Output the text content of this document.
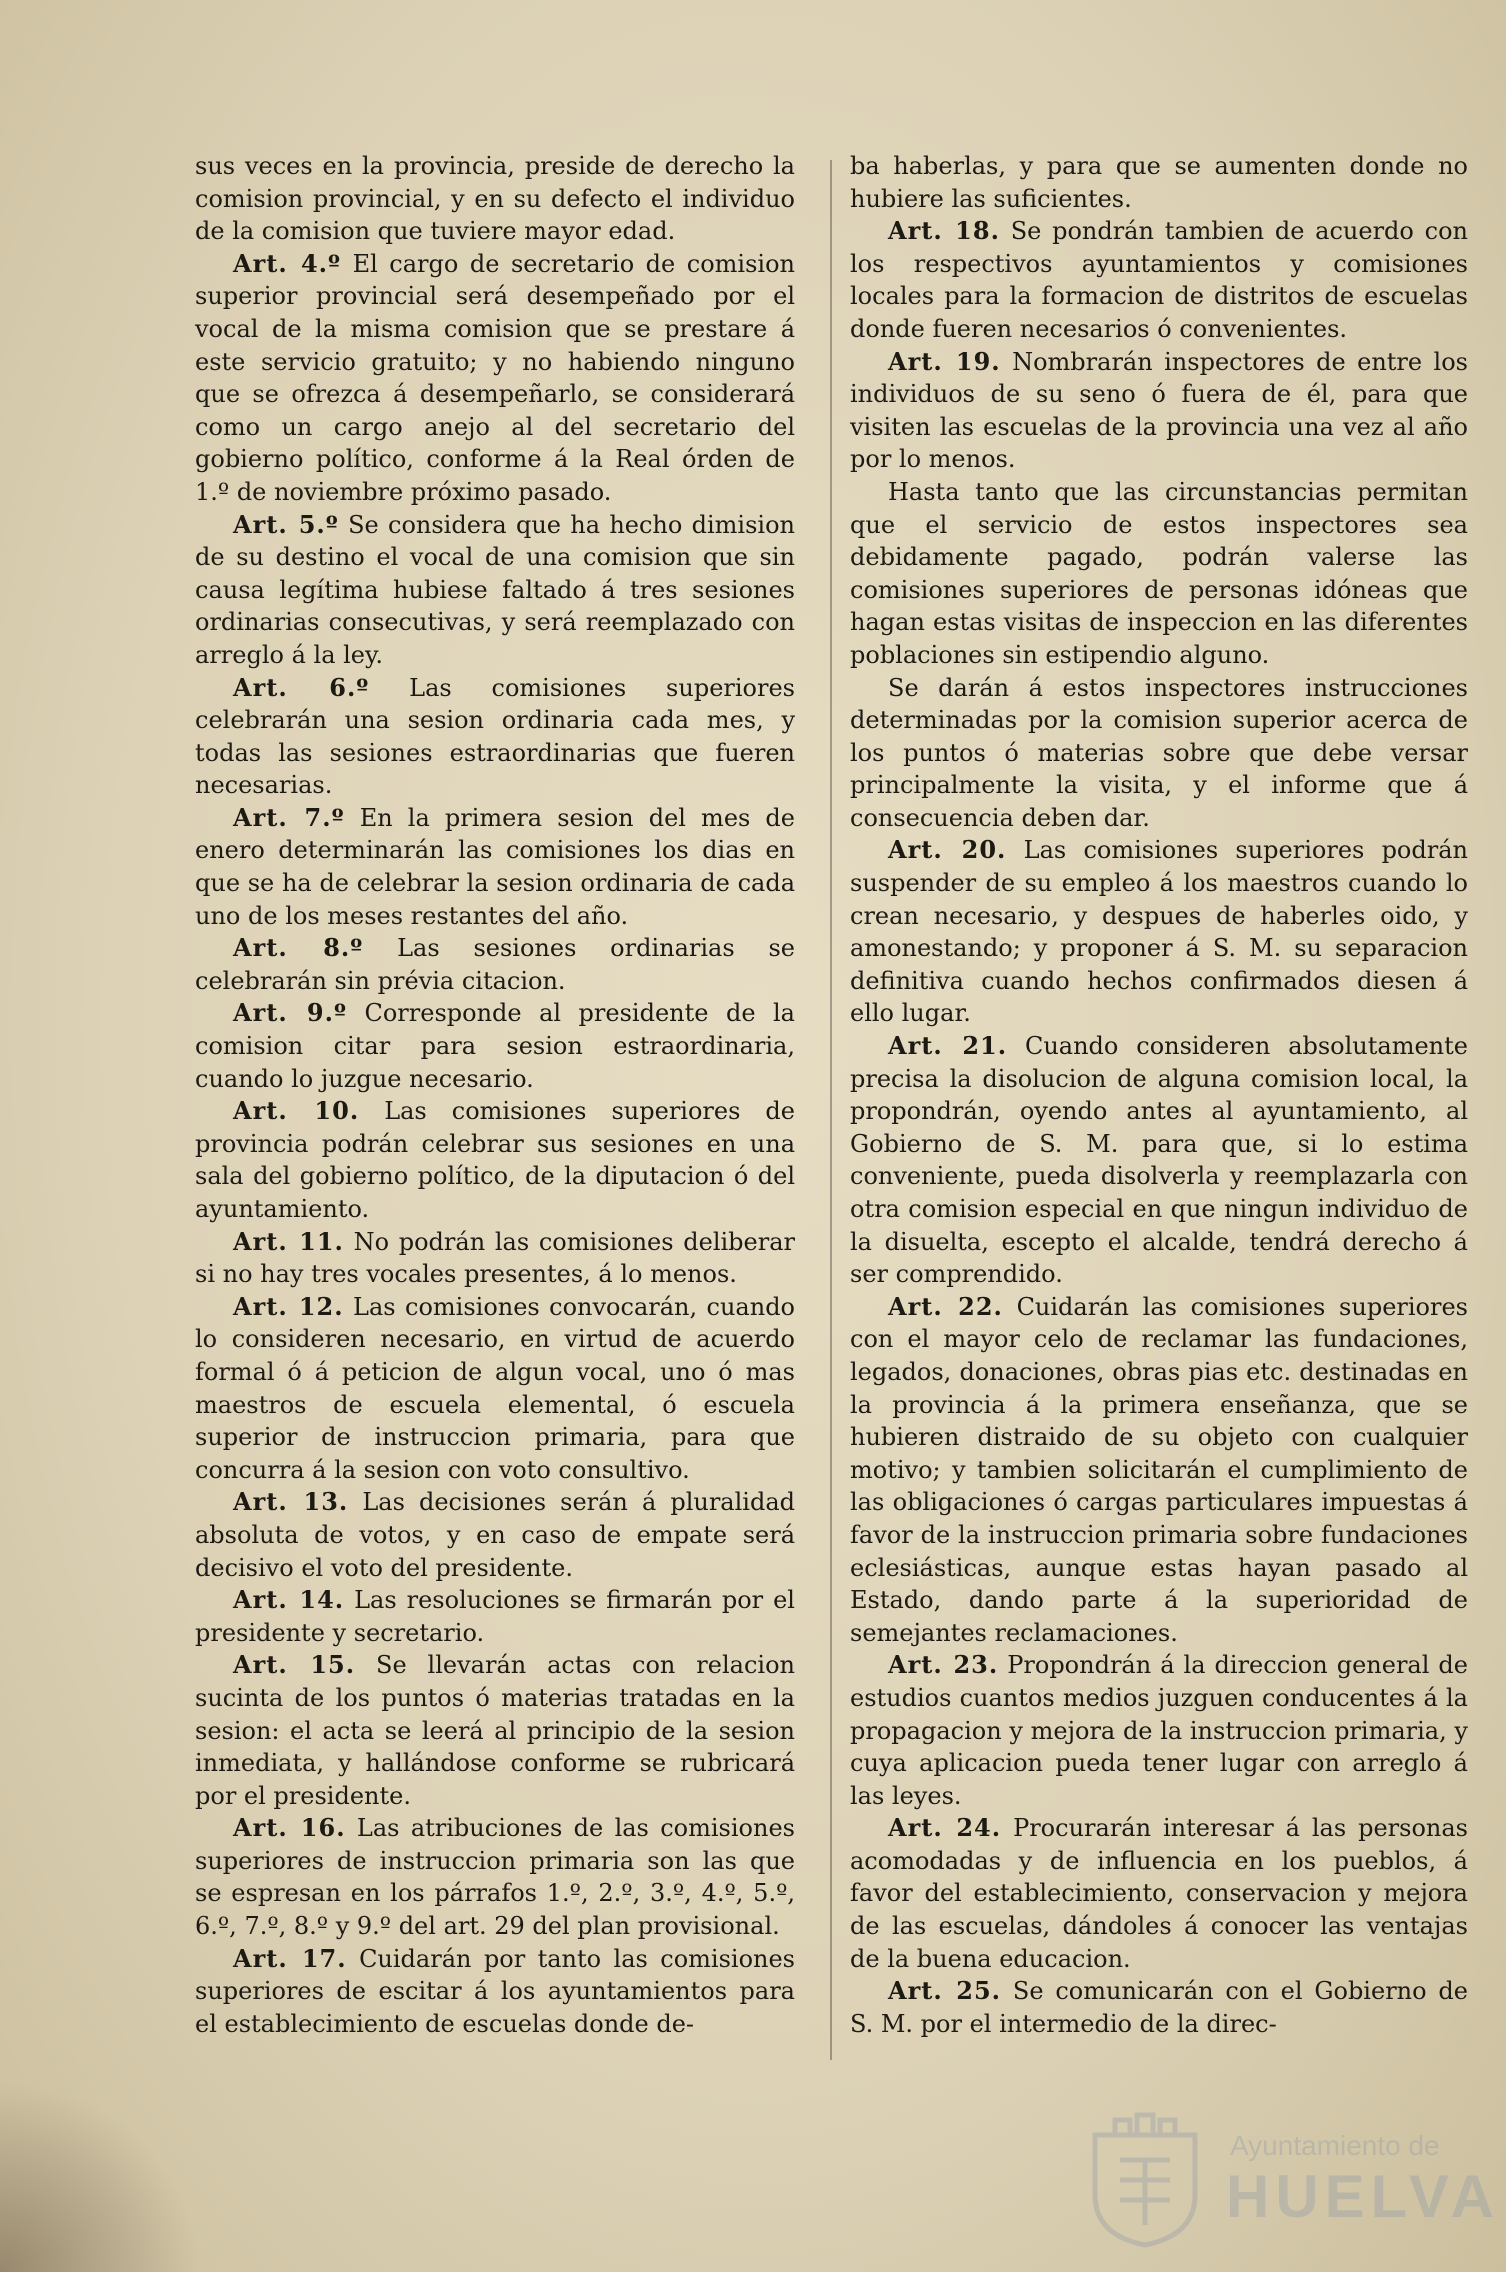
sus veces en la provincia, preside de derecho la comision provincial, y en su defecto el individuo de la comision que tuviere mayor edad.

Art. 4.º El cargo de secretario de comision superior provincial será desempeñado por el vocal de la misma comision que se prestare á este servicio gratuito; y no habiendo ninguno que se ofrezca á desempeñarlo, se considerará como un cargo anejo al del secretario del gobierno político, conforme á la Real órden de 1.º de noviembre próximo pasado.

Art. 5.º Se considera que ha hecho dimision de su destino el vocal de una comision que sin causa legítima hubiese faltado á tres sesiones ordinarias consecutivas, y será reemplazado con arreglo á la ley.

Art. 6.º Las comisiones superiores celebrarán una sesion ordinaria cada mes, y todas las sesiones estraordinarias que fueren necesarias.

Art. 7.º En la primera sesion del mes de enero determinarán las comisiones los dias en que se ha de celebrar la sesion ordinaria de cada uno de los meses restantes del año.

Art. 8.º Las sesiones ordinarias se celebrarán sin prévia citacion.

Art. 9.º Corresponde al presidente de la comision citar para sesion estraordinaria, cuando lo juzgue necesario.

Art. 10. Las comisiones superiores de provincia podrán celebrar sus sesiones en una sala del gobierno político, de la diputacion ó del ayuntamiento.

Art. 11. No podrán las comisiones deliberar si no hay tres vocales presentes, á lo menos.

Art. 12. Las comisiones convocarán, cuando lo consideren necesario, en virtud de acuerdo formal ó á peticion de algun vocal, uno ó mas maestros de escuela elemental, ó escuela superior de instruccion primaria, para que concurra á la sesion con voto consultivo.

Art. 13. Las decisiones serán á pluralidad absoluta de votos, y en caso de empate será decisivo el voto del presidente.

Art. 14. Las resoluciones se firmarán por el presidente y secretario.

Art. 15. Se llevarán actas con relacion sucinta de los puntos ó materias tratadas en la sesion: el acta se leerá al principio de la sesion inmediata, y hallándose conforme se rubricará por el presidente.

Art. 16. Las atribuciones de las comisiones superiores de instruccion primaria son las que se espresan en los párrafos 1.º, 2.º, 3.º, 4.º, 5.º, 6.º, 7.º, 8.º y 9.º del art. 29 del plan provisional.

Art. 17. Cuidarán por tanto las comisiones superiores de escitar á los ayuntamientos para el establecimiento de escuelas donde de-

ba haberlas, y para que se aumenten donde no hubiere las suficientes.

Art. 18. Se pondrán tambien de acuerdo con los respectivos ayuntamientos y comisiones locales para la formacion de distritos de escuelas donde fueren necesarios ó convenientes.

Art. 19. Nombrarán inspectores de entre los individuos de su seno ó fuera de él, para que visiten las escuelas de la provincia una vez al año por lo menos.

Hasta tanto que las circunstancias permitan que el servicio de estos inspectores sea debidamente pagado, podrán valerse las comisiones superiores de personas idóneas que hagan estas visitas de inspeccion en las diferentes poblaciones sin estipendio alguno.

Se darán á estos inspectores instrucciones determinadas por la comision superior acerca de los puntos ó materias sobre que debe versar principalmente la visita, y el informe que á consecuencia deben dar.

Art. 20. Las comisiones superiores podrán suspender de su empleo á los maestros cuando lo crean necesario, y despues de haberles oido, y amonestando; y proponer á S. M. su separacion definitiva cuando hechos confirmados diesen á ello lugar.

Art. 21. Cuando consideren absolutamente precisa la disolucion de alguna comision local, la propondrán, oyendo antes al ayuntamiento, al Gobierno de S. M. para que, si lo estima conveniente, pueda disolverla y reemplazarla con otra comision especial en que ningun individuo de la disuelta, escepto el alcalde, tendrá derecho á ser comprendido.

Art. 22. Cuidarán las comisiones superiores con el mayor celo de reclamar las fundaciones, legados, donaciones, obras pias etc. destinadas en la provincia á la primera enseñanza, que se hubieren distraido de su objeto con cualquier motivo; y tambien solicitarán el cumplimiento de las obligaciones ó cargas particulares impuestas á favor de la instruccion primaria sobre fundaciones eclesiásticas, aunque estas hayan pasado al Estado, dando parte á la superioridad de semejantes reclamaciones.

Art. 23. Propondrán á la direccion general de estudios cuantos medios juzguen conducentes á la propagacion y mejora de la instruccion primaria, y cuya aplicacion pueda tener lugar con arreglo á las leyes.

Art. 24. Procurarán interesar á las personas acomodadas y de influencia en los pueblos, á favor del establecimiento, conservacion y mejora de las escuelas, dándoles á conocer las ventajas de la buena educacion.

Art. 25. Se comunicarán con el Gobierno de S. M. por el intermedio de la direc-

Ayuntamiento de
HUELVA
